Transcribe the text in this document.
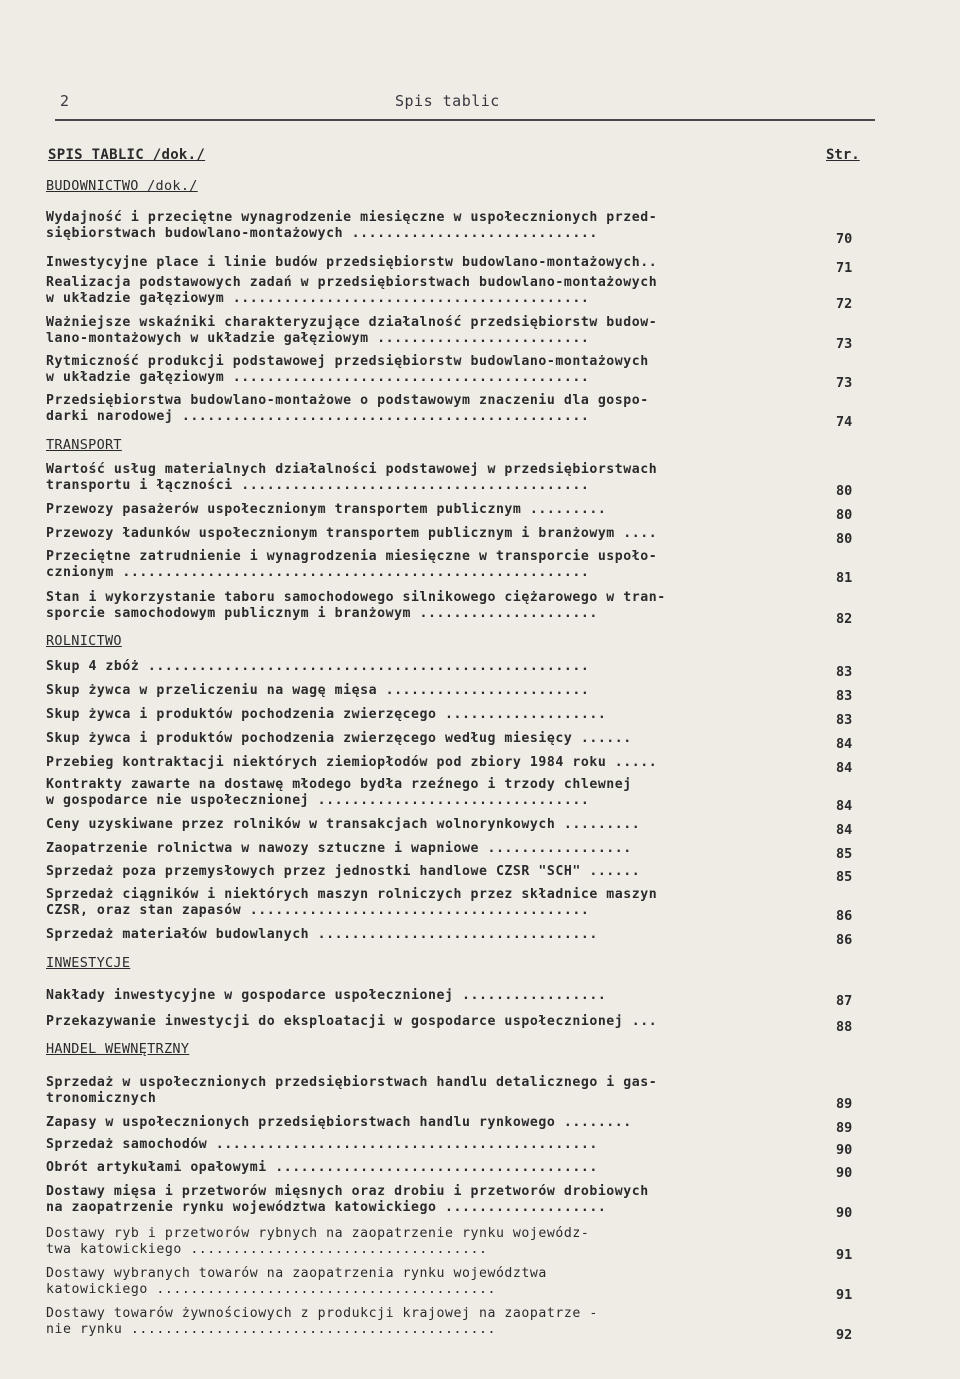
2	Spis tablic
SPIS TABLIC /dok./	Str.
BUDOWNICTWO /dok./
Wydajność i przeciętne wynagrodzenie miesięczne w uspołecznionych przed-
siębiorstwach budowlano-montażowych .............................	70
Inwestycyjne place i linie budów przedsiębiorstw budowlano-montażowych..	71
Realizacja podstawowych zadań w przedsiębiorstwach budowlano-montażowych
w układzie gałęziowym ..........................................	72
Ważniejsze wskaźniki charakteryzujące działalność przedsiębiorstw budow-
lano-montażowych w układzie gałęziowym .........................	73
Rytmiczność produkcji podstawowej przedsiębiorstw budowlano-montażowych
w układzie gałęziowym ..........................................	73
Przedsiębiorstwa budowlano-montażowe o podstawowym znaczeniu dla gospo-
darki narodowej ................................................	74
TRANSPORT
Wartość usług materialnych działalności podstawowej w przedsiębiorstwach
transportu i łączności .........................................	80
Przewozy pasażerów uspołecznionym transportem publicznym .........	80
Przewozy ładunków uspołecznionym transportem publicznym i branżowym ....	80
Przeciętne zatrudnienie i wynagrodzenia miesięczne w transporcie uspoło-
cznionym .......................................................	81
Stan i wykorzystanie taboru samochodowego silnikowego ciężarowego w tran-
sporcie samochodowym publicznym i branżowym .....................	82
ROLNICTWO
Skup 4 zbóż ....................................................	83
Skup żywca w przeliczeniu na wagę mięsa ........................	83
Skup żywca i produktów pochodzenia zwierzęcego ...................	83
Skup żywca i produktów pochodzenia zwierzęcego według miesięcy ......	84
Przebieg kontraktacji niektórych ziemiopłodów pod zbiory 1984 roku .....	84
Kontrakty zawarte na dostawę młodego bydła rzeźnego i trzody chlewnej
w gospodarce nie uspołecznionej ................................	84
Ceny uzyskiwane przez rolników w transakcjach wolnorynkowych .........	84
Zaopatrzenie rolnictwa w nawozy sztuczne i wapniowe .................	85
Sprzedaż poza przemysłowych przez jednostki handlowe CZSR "SCH" ......	85
Sprzedaż ciągników i niektórych maszyn rolniczych przez składnice maszyn
CZSR, oraz stan zapasów ........................................	86
Sprzedaż materiałów budowlanych .................................	86
INWESTYCJE
Nakłady inwestycyjne w gospodarce uspołecznionej .................	87
Przekazywanie inwestycji do eksploatacji w gospodarce uspołecznionej ...	88
HANDEL WEWNĘTRZNY
Sprzedaż w uspołecznionych przedsiębiorstwach handlu detalicznego i gas-
tronomicznych	89
Zapasy w uspołecznionych przedsiębiorstwach handlu rynkowego ........	89
Sprzedaż samochodów .............................................	90
Obrót artykułami opałowymi ......................................	90
Dostawy mięsa i przetworów mięsnych oraz drobiu i przetworów drobiowych
na zaopatrzenie rynku województwa katowickiego ...................	90
Dostawy ryb i przetworów rybnych na zaopatrzenie rynku wojewódz-
twa katowickiego ...................................	91
Dostawy wybranych towarów na zaopatrzenia rynku województwa
katowickiego ........................................	91
Dostawy towarów żywnościowych z produkcji krajowej na zaopatrze -
nie rynku ...........................................	92
